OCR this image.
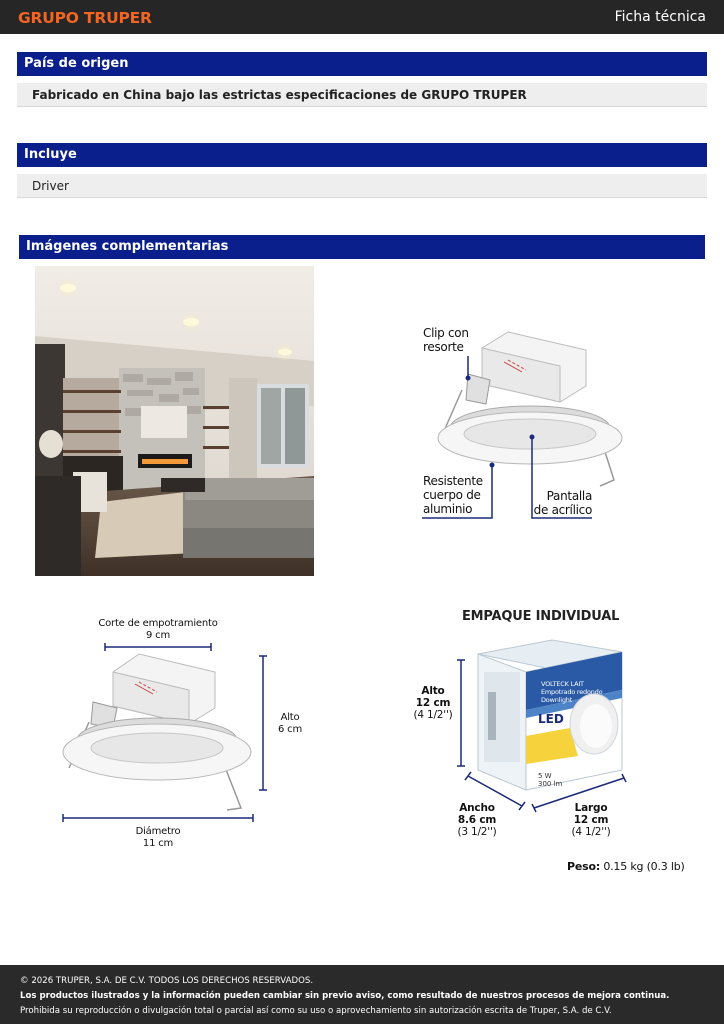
GRUPO TRUPER	Ficha técnica
País de origen
Fabricado en China bajo las estrictas especificaciones de GRUPO TRUPER
Incluye
Driver
Imágenes complementarias
Clip con
resorte
Resistente
cuerpo de
aluminio
Pantalla
de acrílico
Corte de empotramiento
9 cm
Alto
6 cm
Diámetro
11 cm
EMPAQUE INDIVIDUAL
VOLTECK LAIT
Empotrado redondo
Downlight
LED
5 W
300 lm
Alto
12 cm
(4 1/2'')
Ancho
8.6 cm
(3 1/2'')
Largo
12 cm
(4 1/2'')
Peso: 0.15 kg (0.3 lb)
© 2026 TRUPER, S.A. DE C.V. TODOS LOS DERECHOS RESERVADOS.
Los productos ilustrados y la información pueden cambiar sin previo aviso, como resultado de nuestros procesos de mejora continua.
Prohibida su reproducción o divulgación total o parcial así como su uso o aprovechamiento sin autorización escrita de Truper, S.A. de C.V.
